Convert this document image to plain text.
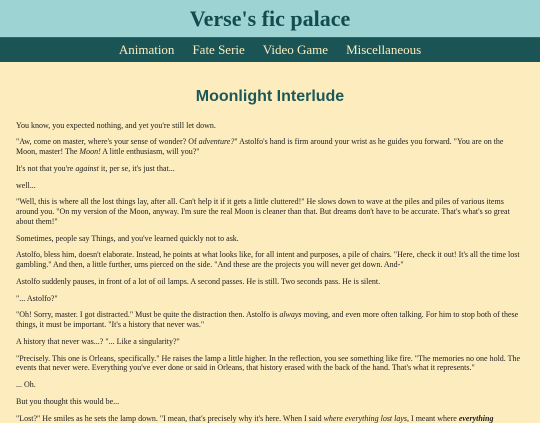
Verse's fic palace
Animation Fate Serie Video Game Miscellaneous
Moonlight Interlude

You know, you expected nothing, and yet you're still let down.

"Aw, come on master, where's your sense of wonder? Of adventure?" Astolfo's hand is firm around your wrist as he guides you forward. "You are on the Moon, master! The Moon! A little enthusiasm, will you?"

It's not that you're against it, per se, it's just that...

well...

"Well, this is where all the lost things lay, after all. Can't help it if it gets a little cluttered!" He slows down to wave at the piles and piles of various items around you. "On my version of the Moon, anyway. I'm sure the real Moon is cleaner than that. But dreams don't have to be accurate. That's what's so great about them!"

Sometimes, people say Things, and you've learned quickly not to ask.

Astolfo, bless him, doesn't elaborate. Instead, he points at what looks like, for all intent and purposes, a pile of chairs. "Here, check it out! It's all the time lost gambling." And then, a little further, urns pierced on the side. "And these are the projects you will never get down. And-"

Astolfo suddenly pauses, in front of a lot of oil lamps. A second passes. He is still. Two seconds pass. He is silent.

"... Astolfo?"

"Oh! Sorry, master. I got distracted." Must be quite the distraction then. Astolfo is always moving, and even more often talking. For him to stop both of these things, it must be important. "It's a history that never was."

A history that never was...? "... Like a singularity?"

"Precisely. This one is Orleans, specifically." He raises the lamp a little higher. In the reflection, you see something like fire. "The memories no one hold. The events that never were. Everything you've ever done or said in Orleans, that history erased with the back of the hand. That's what it represents."

... Oh.

But you thought this would be...

"Lost?" He smiles as he sets the lamp down. "I mean, that's precisely why it's here. When I said where everything lost lays, I meant where everything
